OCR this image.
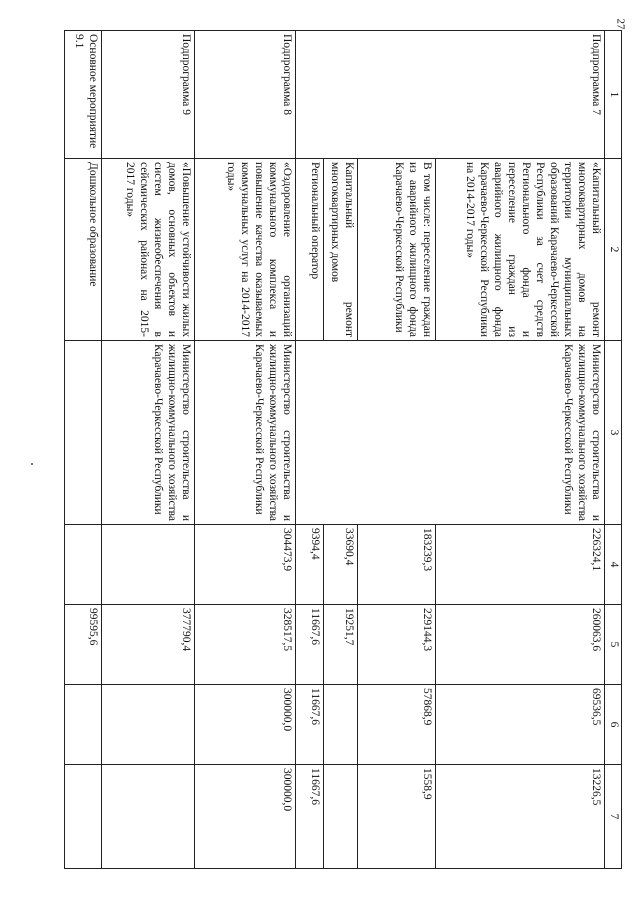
27
1	2	3	4	5	6	7
Подпрограмма 7	«Капитальный ремонт многоквартирных домов на территории муниципальных образований Карачаево-Черкесской Республики за счет средств Регионального фонда и переселение граждан из аварийного жилищного фонда Карачаево-Черкесской Республики на 2014-2017 годы»	Министерство строительства и жилищно-коммунального хозяйства Карачаево-Черкесской Республики	226324,1	260063,6	69536,5	13226,5
	В том числе: переселение граждан из аварийного жилищного фонда Карачаево-Черкесской Республики		183239,3	229144,3	57868,9	1558,9
	Капитальный ремонт многоквартирных домов		33690,4	19251,7		
	Региональный оператор		9394,4	11667,6	11667,6	11667,6
Подпрограмма 8	«Оздоровление организаций коммунального комплекса и повышение качества оказываемых коммунальных услуг на 2014-2017 годы»	Министерство строительства и жилищно-коммунального хозяйства Карачаево-Черкесской Республики	304473,9	328517,5	300000,0	300000,0
Подпрограмма 9	«Повышение устойчивости жилых домов, основных объектов и систем жизнеобеспечения в сейсмических районах на 2015-2017 годы»	Министерство строительства и жилищно-коммунального хозяйства Карачаево-Черкесской Республики		377790,4		
Основное мероприятие 9.1	Дошкольное образование			99595,6		
